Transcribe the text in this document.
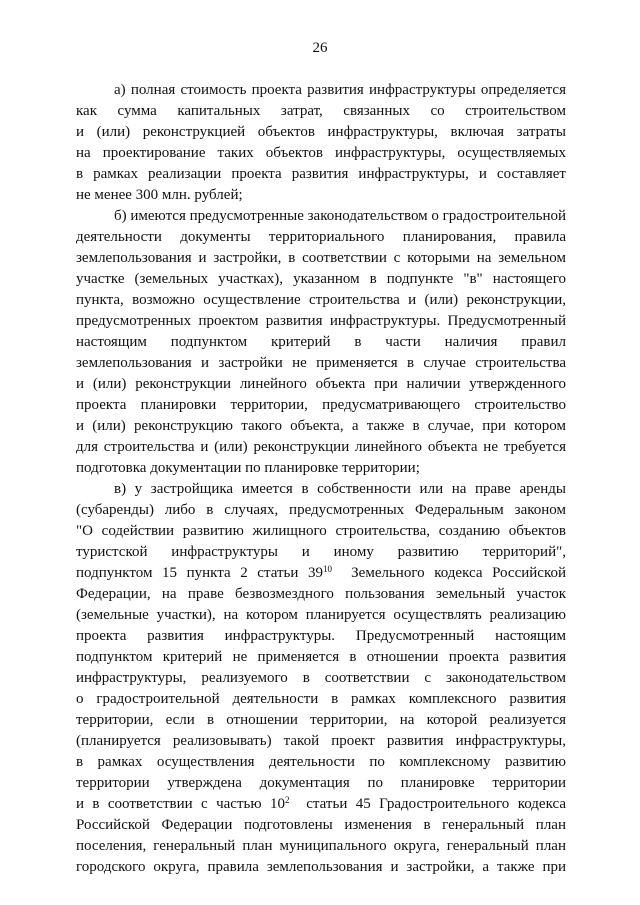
26
а) полная стоимость проекта развития инфраструктуры определяется
как сумма капитальных затрат, связанных со строительством
и (или) реконструкцией объектов инфраструктуры, включая затраты
на проектирование таких объектов инфраструктуры, осуществляемых
в рамках реализации проекта развития инфраструктуры, и составляет
не менее 300 млн. рублей;
б) имеются предусмотренные законодательством о градостроительной
деятельности документы территориального планирования, правила
землепользования и застройки, в соответствии с которыми на земельном
участке (земельных участках), указанном в подпункте "в" настоящего
пункта, возможно осуществление строительства и (или) реконструкции,
предусмотренных проектом развития инфраструктуры. Предусмотренный
настоящим подпунктом критерий в части наличия правил
землепользования и застройки не применяется в случае строительства
и (или) реконструкции линейного объекта при наличии утвержденного
проекта планировки территории, предусматривающего строительство
и (или) реконструкцию такого объекта, а также в случае, при котором
для строительства и (или) реконструкции линейного объекта не требуется
подготовка документации по планировке территории;
в) у застройщика имеется в собственности или на праве аренды
(субаренды) либо в случаях, предусмотренных Федеральным законом
"О содействии развитию жилищного строительства, созданию объектов
туристской инфраструктуры и иному развитию территорий",
подпунктом 15 пункта 2 статьи $39^{10}$ Земельного кодекса Российской
Федерации, на праве безвозмездного пользования земельный участок
(земельные участки), на котором планируется осуществлять реализацию
проекта развития инфраструктуры. Предусмотренный настоящим
подпунктом критерий не применяется в отношении проекта развития
инфраструктуры, реализуемого в соответствии с законодательством
о градостроительной деятельности в рамках комплексного развития
территории, если в отношении территории, на которой реализуется
(планируется реализовывать) такой проект развития инфраструктуры,
в рамках осуществления деятельности по комплексному развитию
территории утверждена документация по планировке территории
и в соответствии с частью $10^2$ статьи 45 Градостроительного кодекса
Российской Федерации подготовлены изменения в генеральный план
поселения, генеральный план муниципального округа, генеральный план
городского округа, правила землепользования и застройки, а также при
